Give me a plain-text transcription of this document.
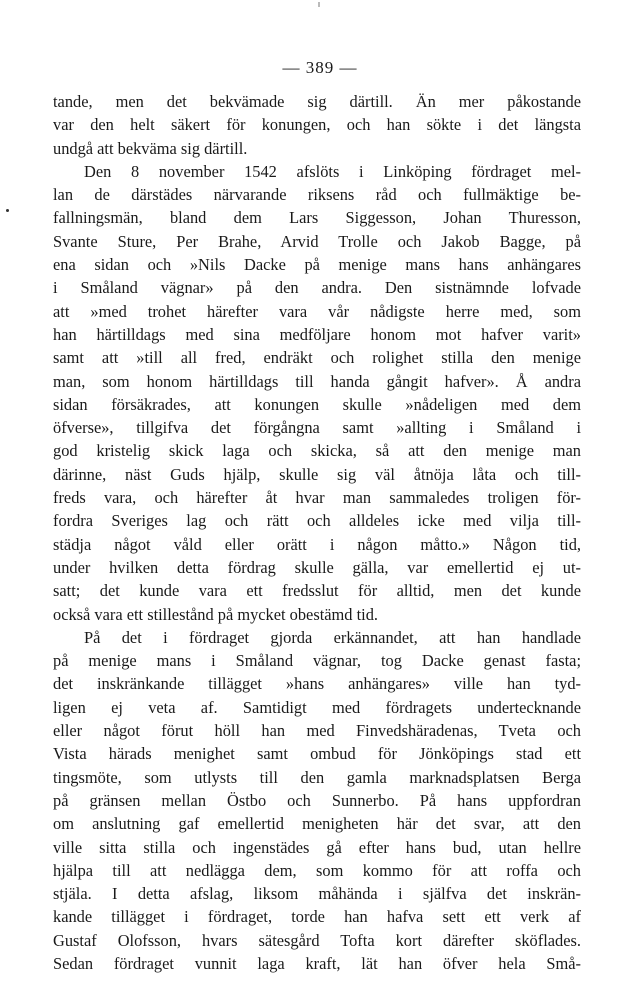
— 389 —
tande, men det bekvämade sig därtill. Än mer påkostande
var den helt säkert för konungen, och han sökte i det längsta
undgå att bekväma sig därtill.
Den 8 november 1542 afslöts i Linköping fördraget mel-
lan de därstädes närvarande riksens råd och fullmäktige be-
fallningsmän, bland dem Lars Siggesson, Johan Thuresson,
Svante Sture, Per Brahe, Arvid Trolle och Jakob Bagge, på
ena sidan och »Nils Dacke på menige mans hans anhängares
i Småland vägnar» på den andra. Den sistnämnde lofvade
att »med trohet härefter vara vår nådigste herre med, som
han härtilldags med sina medföljare honom mot hafver varit»
samt att »till all fred, endräkt och rolighet stilla den menige
man, som honom härtilldags till handa gångit hafver». Å andra
sidan försäkrades, att konungen skulle »nådeligen med dem
öfverse», tillgifva det förgångna samt »allting i Småland i
god kristelig skick laga och skicka, så att den menige man
därinne, näst Guds hjälp, skulle sig väl åtnöja låta och till-
freds vara, och härefter åt hvar man sammaledes troligen för-
fordra Sveriges lag och rätt och alldeles icke med vilja till-
städja något våld eller orätt i någon måtto.» Någon tid,
under hvilken detta fördrag skulle gälla, var emellertid ej ut-
satt; det kunde vara ett fredsslut för alltid, men det kunde
också vara ett stillestånd på mycket obestämd tid.
På det i fördraget gjorda erkännandet, att han handlade
på menige mans i Småland vägnar, tog Dacke genast fasta;
det inskränkande tillägget »hans anhängares» ville han tyd-
ligen ej veta af. Samtidigt med fördragets undertecknande
eller något förut höll han med Finvedshäradenas, Tveta och
Vista härads menighet samt ombud för Jönköpings stad ett
tingsmöte, som utlysts till den gamla marknadsplatsen Berga
på gränsen mellan Östbo och Sunnerbo. På hans uppfordran
om anslutning gaf emellertid menigheten här det svar, att den
ville sitta stilla och ingenstädes gå efter hans bud, utan hellre
hjälpa till att nedlägga dem, som kommo för att roffa och
stjäla. I detta afslag, liksom måhända i själfva det inskrän-
kande tillägget i fördraget, torde han hafva sett ett verk af
Gustaf Olofsson, hvars sätesgård Tofta kort därefter sköflades.
Sedan fördraget vunnit laga kraft, lät han öfver hela Små-
